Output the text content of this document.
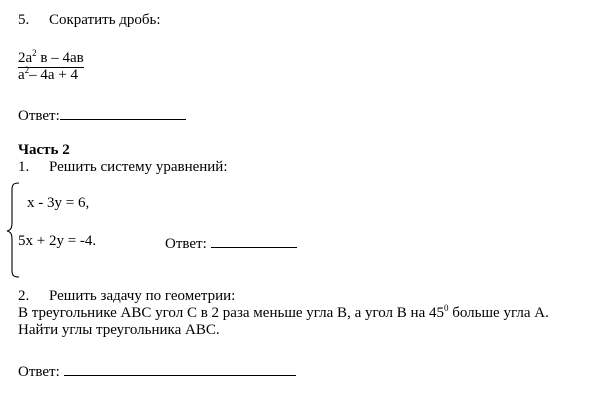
5. Сократить дробь:
$2a^2$ в – 4ав
$a^2-$ 4a + 4
Ответ:
Часть 2
1. Решить систему уравнений:
x - 3y = 6,
5x + 2y = -4.	Ответ:
2. Решить задачу по геометрии:
В треугольнике АВС угол С в 2 раза меньше угла В, а угол В на $45^0$ больше угла А.
Найти углы треугольника АВС.
Ответ:
